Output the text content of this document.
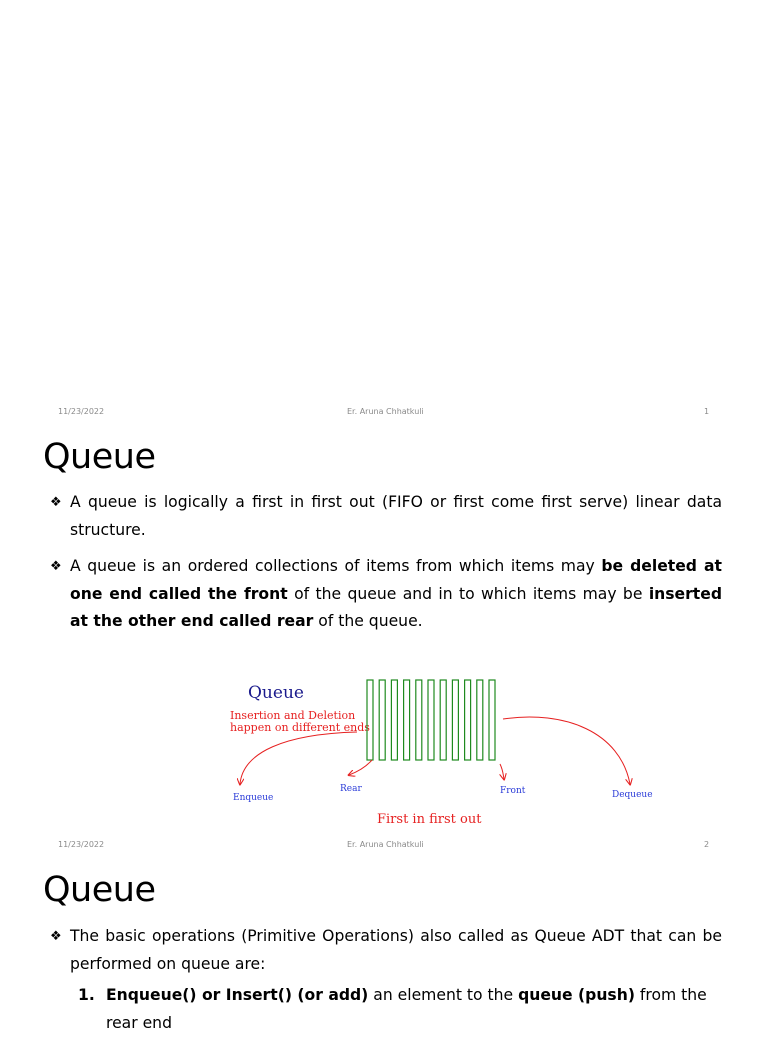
11/23/2022	Er. Aruna Chhatkuli	1
Queue
❖ A queue is logically a first in first out (FIFO or first come first serve) linear data structure.
❖ A queue is an ordered collections of items from which items may be deleted at one end called the front of the queue and in to which items may be inserted at the other end called rear of the queue.
Queue
Insertion and Deletion
happen on different ends
Enqueue
Rear	Front	Dequeue
First in first out
11/23/2022	Er. Aruna Chhatkuli	2
Queue
❖ The basic operations (Primitive Operations) also called as Queue ADT that can be performed on queue are:
1. Enqueue() or Insert() (or add) an element to the queue (push) from the rear end
